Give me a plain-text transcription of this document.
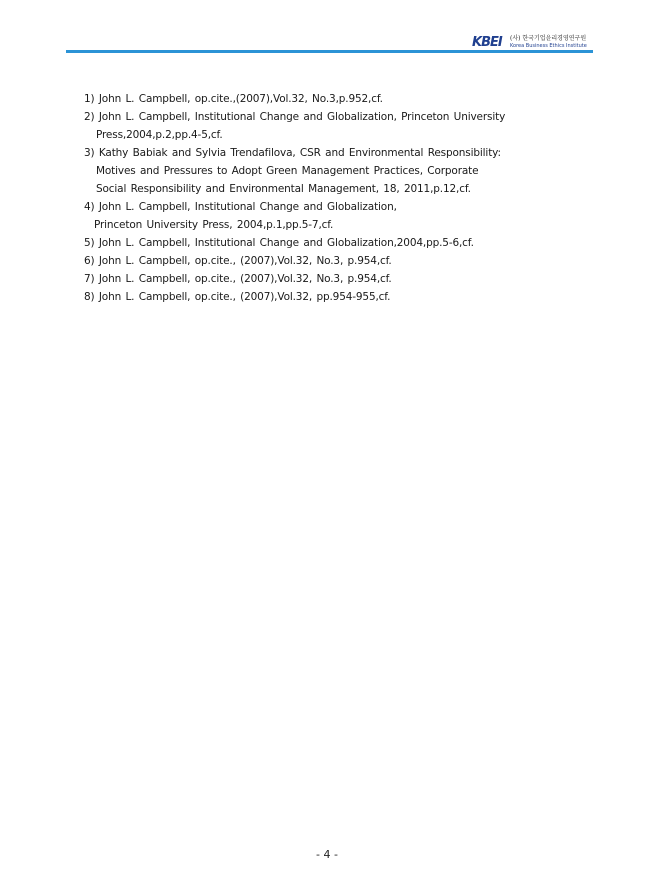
KBEI	(사) 한국기업윤리경영연구원
Korea Business Ethics Institute
1) John L. Campbell, op.cite.,(2007),Vol.32, No.3,p.952,cf.
2) John L. Campbell, Institutional Change and Globalization, Princeton University
Press,2004,p.2,pp.4-5,cf.
3) Kathy Babiak and Sylvia Trendafilova, CSR and Environmental Responsibility:
Motives and Pressures to Adopt Green Management Practices, Corporate
Social Responsibility and Environmental Management, 18, 2011,p.12,cf.
4) John L. Campbell, Institutional Change and Globalization,
Princeton University Press, 2004,p.1,pp.5-7,cf.
5) John L. Campbell, Institutional Change and Globalization,2004,pp.5-6,cf.
6) John L. Campbell, op.cite., (2007),Vol.32, No.3, p.954,cf.
7) John L. Campbell, op.cite., (2007),Vol.32, No.3, p.954,cf.
8) John L. Campbell, op.cite., (2007),Vol.32, pp.954-955,cf.
- 4 -
